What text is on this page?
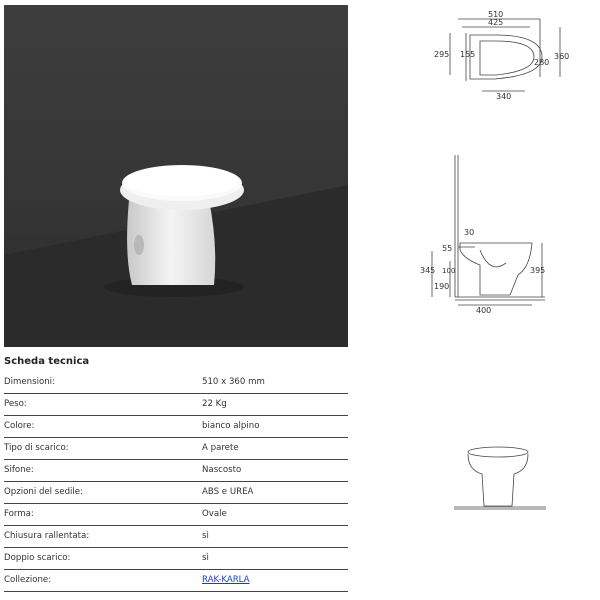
Scheda tecnica
Dimensioni:	510 x 360 mm
Peso:	22 Kg
Colore:	bianco alpino
Tipo di scarico:	A parete
Sifone:	Nascosto
Opzioni del sedile:	ABS e UREA
Forma:	Ovale
Chiusura rallentata:	sì
Doppio scarico:	sì
Collezione:	RAK-KARLA
510
425
295 155
280
360
340
30
55
345 100
190
395
400
